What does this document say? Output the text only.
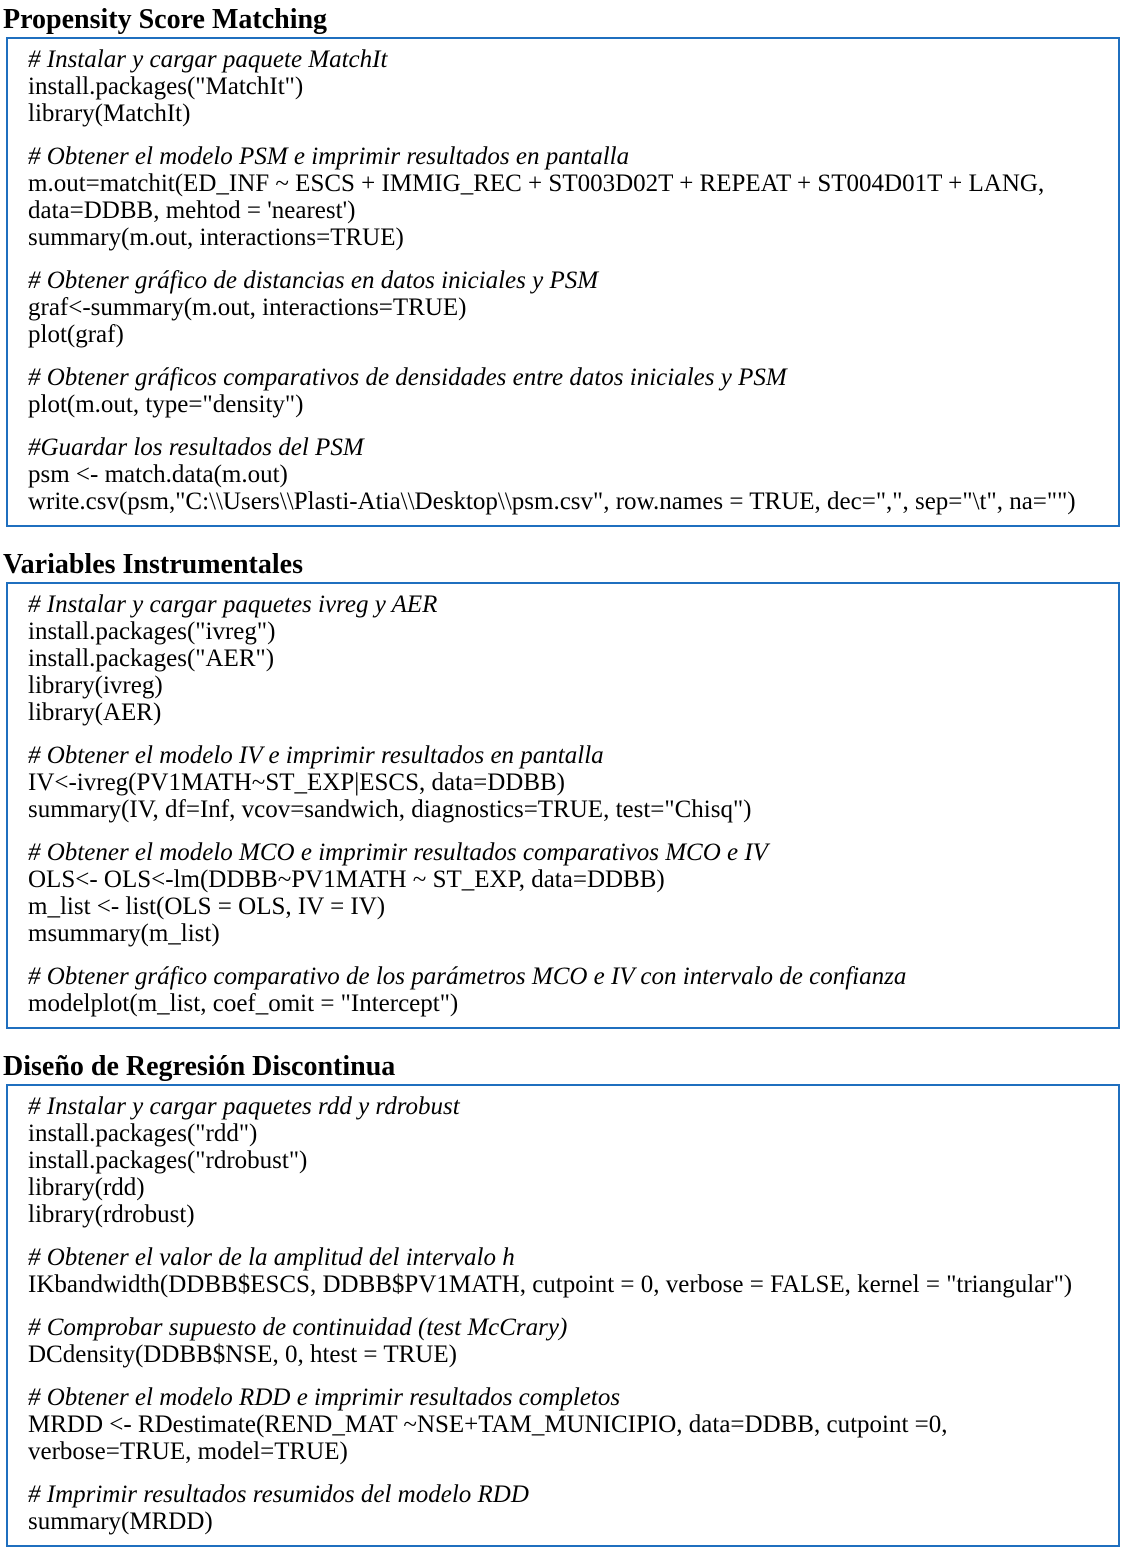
Propensity Score Matching
# Instalar y cargar paquete MatchIt
install.packages("MatchIt")
library(MatchIt)
# Obtener el modelo PSM e imprimir resultados en pantalla
m.out=matchit(ED_INF ~ ESCS + IMMIG_REC + ST003D02T + REPEAT + ST004D01T + LANG,
data=DDBB, mehtod = 'nearest')
summary(m.out, interactions=TRUE)
# Obtener gráfico de distancias en datos iniciales y PSM
graf<-summary(m.out, interactions=TRUE)
plot(graf)
# Obtener gráficos comparativos de densidades entre datos iniciales y PSM
plot(m.out, type="density")
#Guardar los resultados del PSM
psm <- match.data(m.out)
write.csv(psm,"C:\\Users\\Plasti-Atia\\Desktop\\psm.csv", row.names = TRUE, dec=",", sep="\t", na="")
Variables Instrumentales
# Instalar y cargar paquetes ivreg y AER
install.packages("ivreg")
install.packages("AER")
library(ivreg)
library(AER)
# Obtener el modelo IV e imprimir resultados en pantalla
IV<-ivreg(PV1MATH~ST_EXP|ESCS, data=DDBB)
summary(IV, df=Inf, vcov=sandwich, diagnostics=TRUE, test="Chisq")
# Obtener el modelo MCO e imprimir resultados comparativos MCO e IV
OLS<- OLS<-lm(DDBB~PV1MATH ~ ST_EXP, data=DDBB)
m_list <- list(OLS = OLS, IV = IV)
msummary(m_list)
# Obtener gráfico comparativo de los parámetros MCO e IV con intervalo de confianza
modelplot(m_list, coef_omit = "Intercept")
Diseño de Regresión Discontinua
# Instalar y cargar paquetes rdd y rdrobust
install.packages("rdd")
install.packages("rdrobust")
library(rdd)
library(rdrobust)
# Obtener el valor de la amplitud del intervalo h
IKbandwidth(DDBB$ESCS, DDBB$PV1MATH, cutpoint = 0, verbose = FALSE, kernel = "triangular")
# Comprobar supuesto de continuidad (test McCrary)
DCdensity(DDBB$NSE, 0, htest = TRUE)
# Obtener el modelo RDD e imprimir resultados completos
MRDD <- RDestimate(REND_MAT ~NSE+TAM_MUNICIPIO, data=DDBB, cutpoint =0,
verbose=TRUE, model=TRUE)
# Imprimir resultados resumidos del modelo RDD
summary(MRDD)
